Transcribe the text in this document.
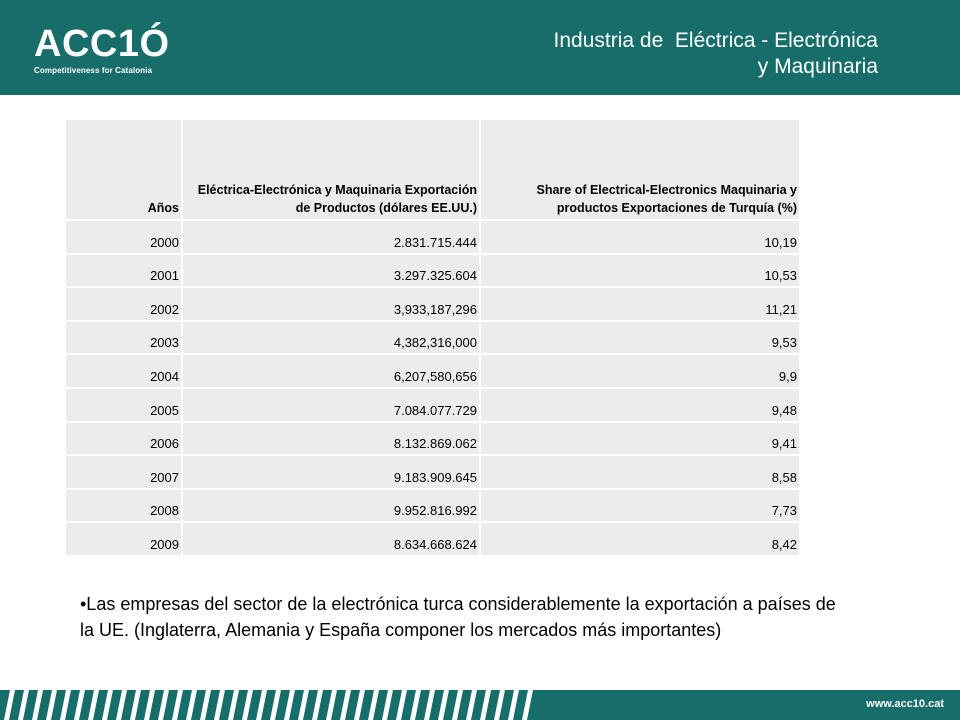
ACC1Ó
Competitiveness for Catalonia
Industria de  Eléctrica - Electrónica
y Maquinaria
Años	Eléctrica-Electrónica y Maquinaria Exportación de Productos (dólares EE.UU.)	Share of Electrical-Electronics Maquinaria y productos Exportaciones de Turquía (%)
2000	2.831.715.444	10,19
2001	3.297.325.604	10,53
2002	3,933,187,296	11,21
2003	4,382,316,000	9,53
2004	6,207,580,656	9,9
2005	7.084.077.729	9,48
2006	8.132.869.062	9,41
2007	9.183.909.645	8,58
2008	9.952.816.992	7,73
2009	8.634.668.624	8,42
•Las empresas del sector de la electrónica turca considerablemente la exportación a países de la UE. (Inglaterra, Alemania y España componer los mercados más importantes)
www.acc10.cat
